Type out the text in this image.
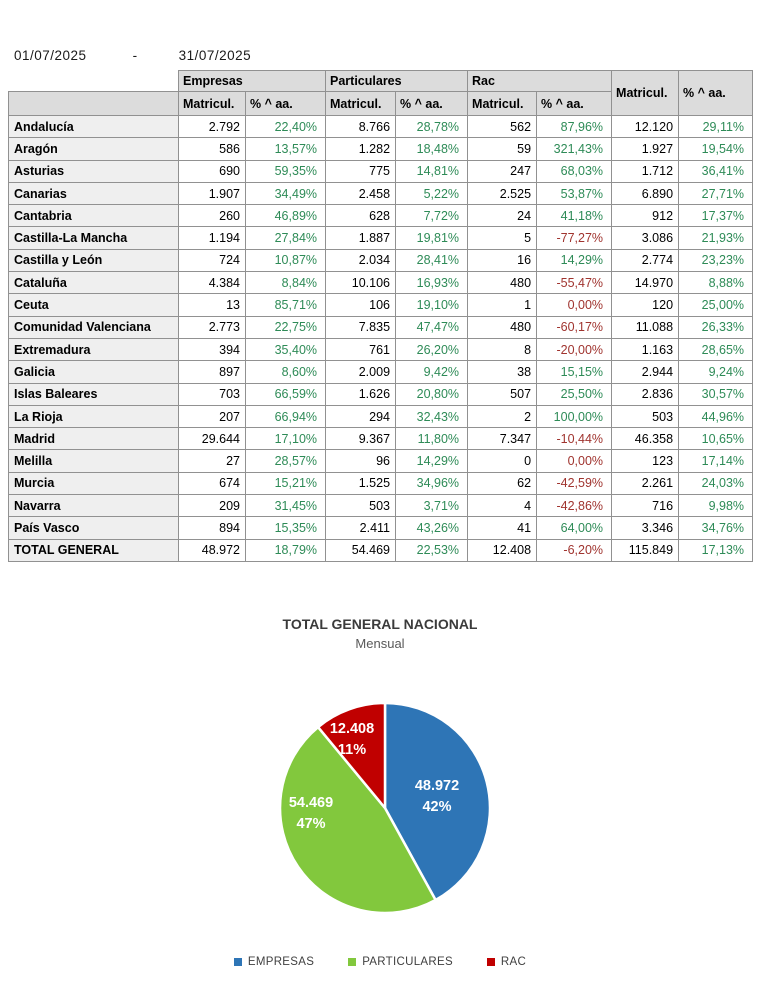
01/07/2025	-	31/07/2025
	Empresas		Particulares		Rac		Matricul.	% ^ aa.
	Matricul.	% ^ aa.	Matricul.	% ^ aa.	Matricul.	% ^ aa.		
Andalucía	2.792	22,40%	8.766	28,78%	562	87,96%	12.120	29,11%
Aragón	586	13,57%	1.282	18,48%	59	321,43%	1.927	19,54%
Asturias	690	59,35%	775	14,81%	247	68,03%	1.712	36,41%
Canarias	1.907	34,49%	2.458	5,22%	2.525	53,87%	6.890	27,71%
Cantabria	260	46,89%	628	7,72%	24	41,18%	912	17,37%
Castilla-La Mancha	1.194	27,84%	1.887	19,81%	5	-77,27%	3.086	21,93%
Castilla y León	724	10,87%	2.034	28,41%	16	14,29%	2.774	23,23%
Cataluña	4.384	8,84%	10.106	16,93%	480	-55,47%	14.970	8,88%
Ceuta	13	85,71%	106	19,10%	1	0,00%	120	25,00%
Comunidad Valenciana	2.773	22,75%	7.835	47,47%	480	-60,17%	11.088	26,33%
Extremadura	394	35,40%	761	26,20%	8	-20,00%	1.163	28,65%
Galicia	897	8,60%	2.009	9,42%	38	15,15%	2.944	9,24%
Islas Baleares	703	66,59%	1.626	20,80%	507	25,50%	2.836	30,57%
La Rioja	207	66,94%	294	32,43%	2	100,00%	503	44,96%
Madrid	29.644	17,10%	9.367	11,80%	7.347	-10,44%	46.358	10,65%
Melilla	27	28,57%	96	14,29%	0	0,00%	123	17,14%
Murcia	674	15,21%	1.525	34,96%	62	-42,59%	2.261	24,03%
Navarra	209	31,45%	503	3,71%	4	-42,86%	716	9,98%
País Vasco	894	15,35%	2.411	43,26%	41	64,00%	3.346	34,76%
TOTAL GENERAL	48.972	18,79%	54.469	22,53%	12.408	-6,20%	115.849	17,13%
TOTAL GENERAL NACIONAL
Mensual
48.972
42%
54.469
47%
12.408
11%
EMPRESAS	PARTICULARES	RAC
